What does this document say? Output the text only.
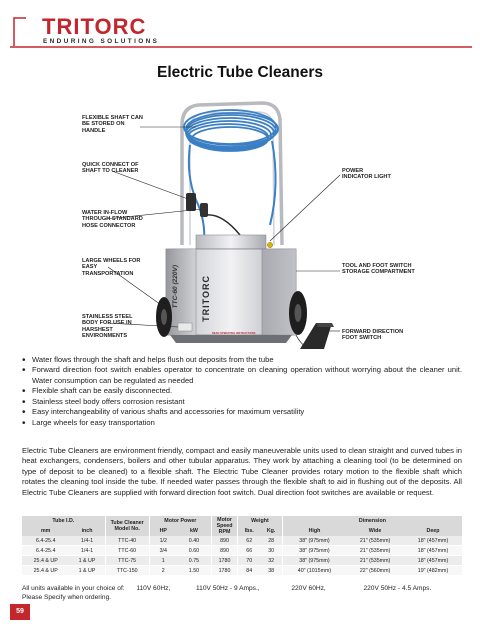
TRITORC
ENDURING SOLUTIONS
Electric Tube Cleaners
TTC-60 (220V) TRITORC
READ OPERATING INSTRUCTIONS
FLEXIBLE SHAFT CAN BE STORED ON HANDLE
QUICK CONNECT OF SHAFT TO CLEANER
WATER IN-FLOW THROUGH STANDARD HOSE CONNECTOR
LARGE WHEELS FOR EASY TRANSPORTATION
STAINLESS STEEL BODY FOR USE IN HARSHEST ENVIRONMENTS
POWER INDICATOR LIGHT
TOOL AND FOOT SWITCH STORAGE COMPARTMENT
FORWARD DIRECTION FOOT SWITCH
• Water flows through the shaft and helps flush out deposits from the tube
• Forward direction foot switch enables operator to concentrate on cleaning operation without worrying about the cleaner unit. Water consumption can be regulated as needed
• Flexible shaft can be easily disconnected.
• Stainless steel body offers corrosion resistant
• Easy interchangeability of various shafts and accessories for maximum versatility
• Large wheels for easy transportation

Electric Tube Cleaners are environment friendly, compact and easily maneuverable units used to clean straight and curved tubes in heat exchangers, condensers, boilers and other tubular apparatus. They work by attaching a cleaning tool (to be determined on type of deposit to be cleaned) to a flexible shaft. The Electric Tube Cleaner provides rotary motion to the flexible shaft which rotates the cleaning tool inside the tube. If needed water passes through the flexible shaft to aid in flushing out of the deposits. All Electric Tube Cleaners are supplied with forward direction foot switch. Dual direction foot switches are available or request.

Tube I.D.		Tube Cleaner Model No.	Motor Power		Motor Speed RPM	Weight		Dimension		
mm	inch		HP	kW		lbs.	Kg.	High	Wide	Deep
6.4-25.4	1/4-1	TTC-40	1/2	0.40	890	62	28	38" (975mm)	21" (535mm)	18" (457mm)
6.4-25.4	1/4-1	TTC-60	3/4	0.60	890	66	30	38" (975mm)	21" (535mm)	18" (457mm)
25.4 & UP	1 & UP	TTC-75	1	0.75	1780	70	32	38" (975mm)	21" (535mm)	18" (457mm)
25.4 & UP	1 & UP	TTC-150	2	1.50	1780	84	38	40" (1015mm)	22" (560mm)	19" (482mm)
All units available in your choice of: 110V 60Hz,	110V 50Hz - 9 Amps.,	220V 60Hz,	220V 50Hz - 4.5 Amps.
Please Specify when ordering.
59
